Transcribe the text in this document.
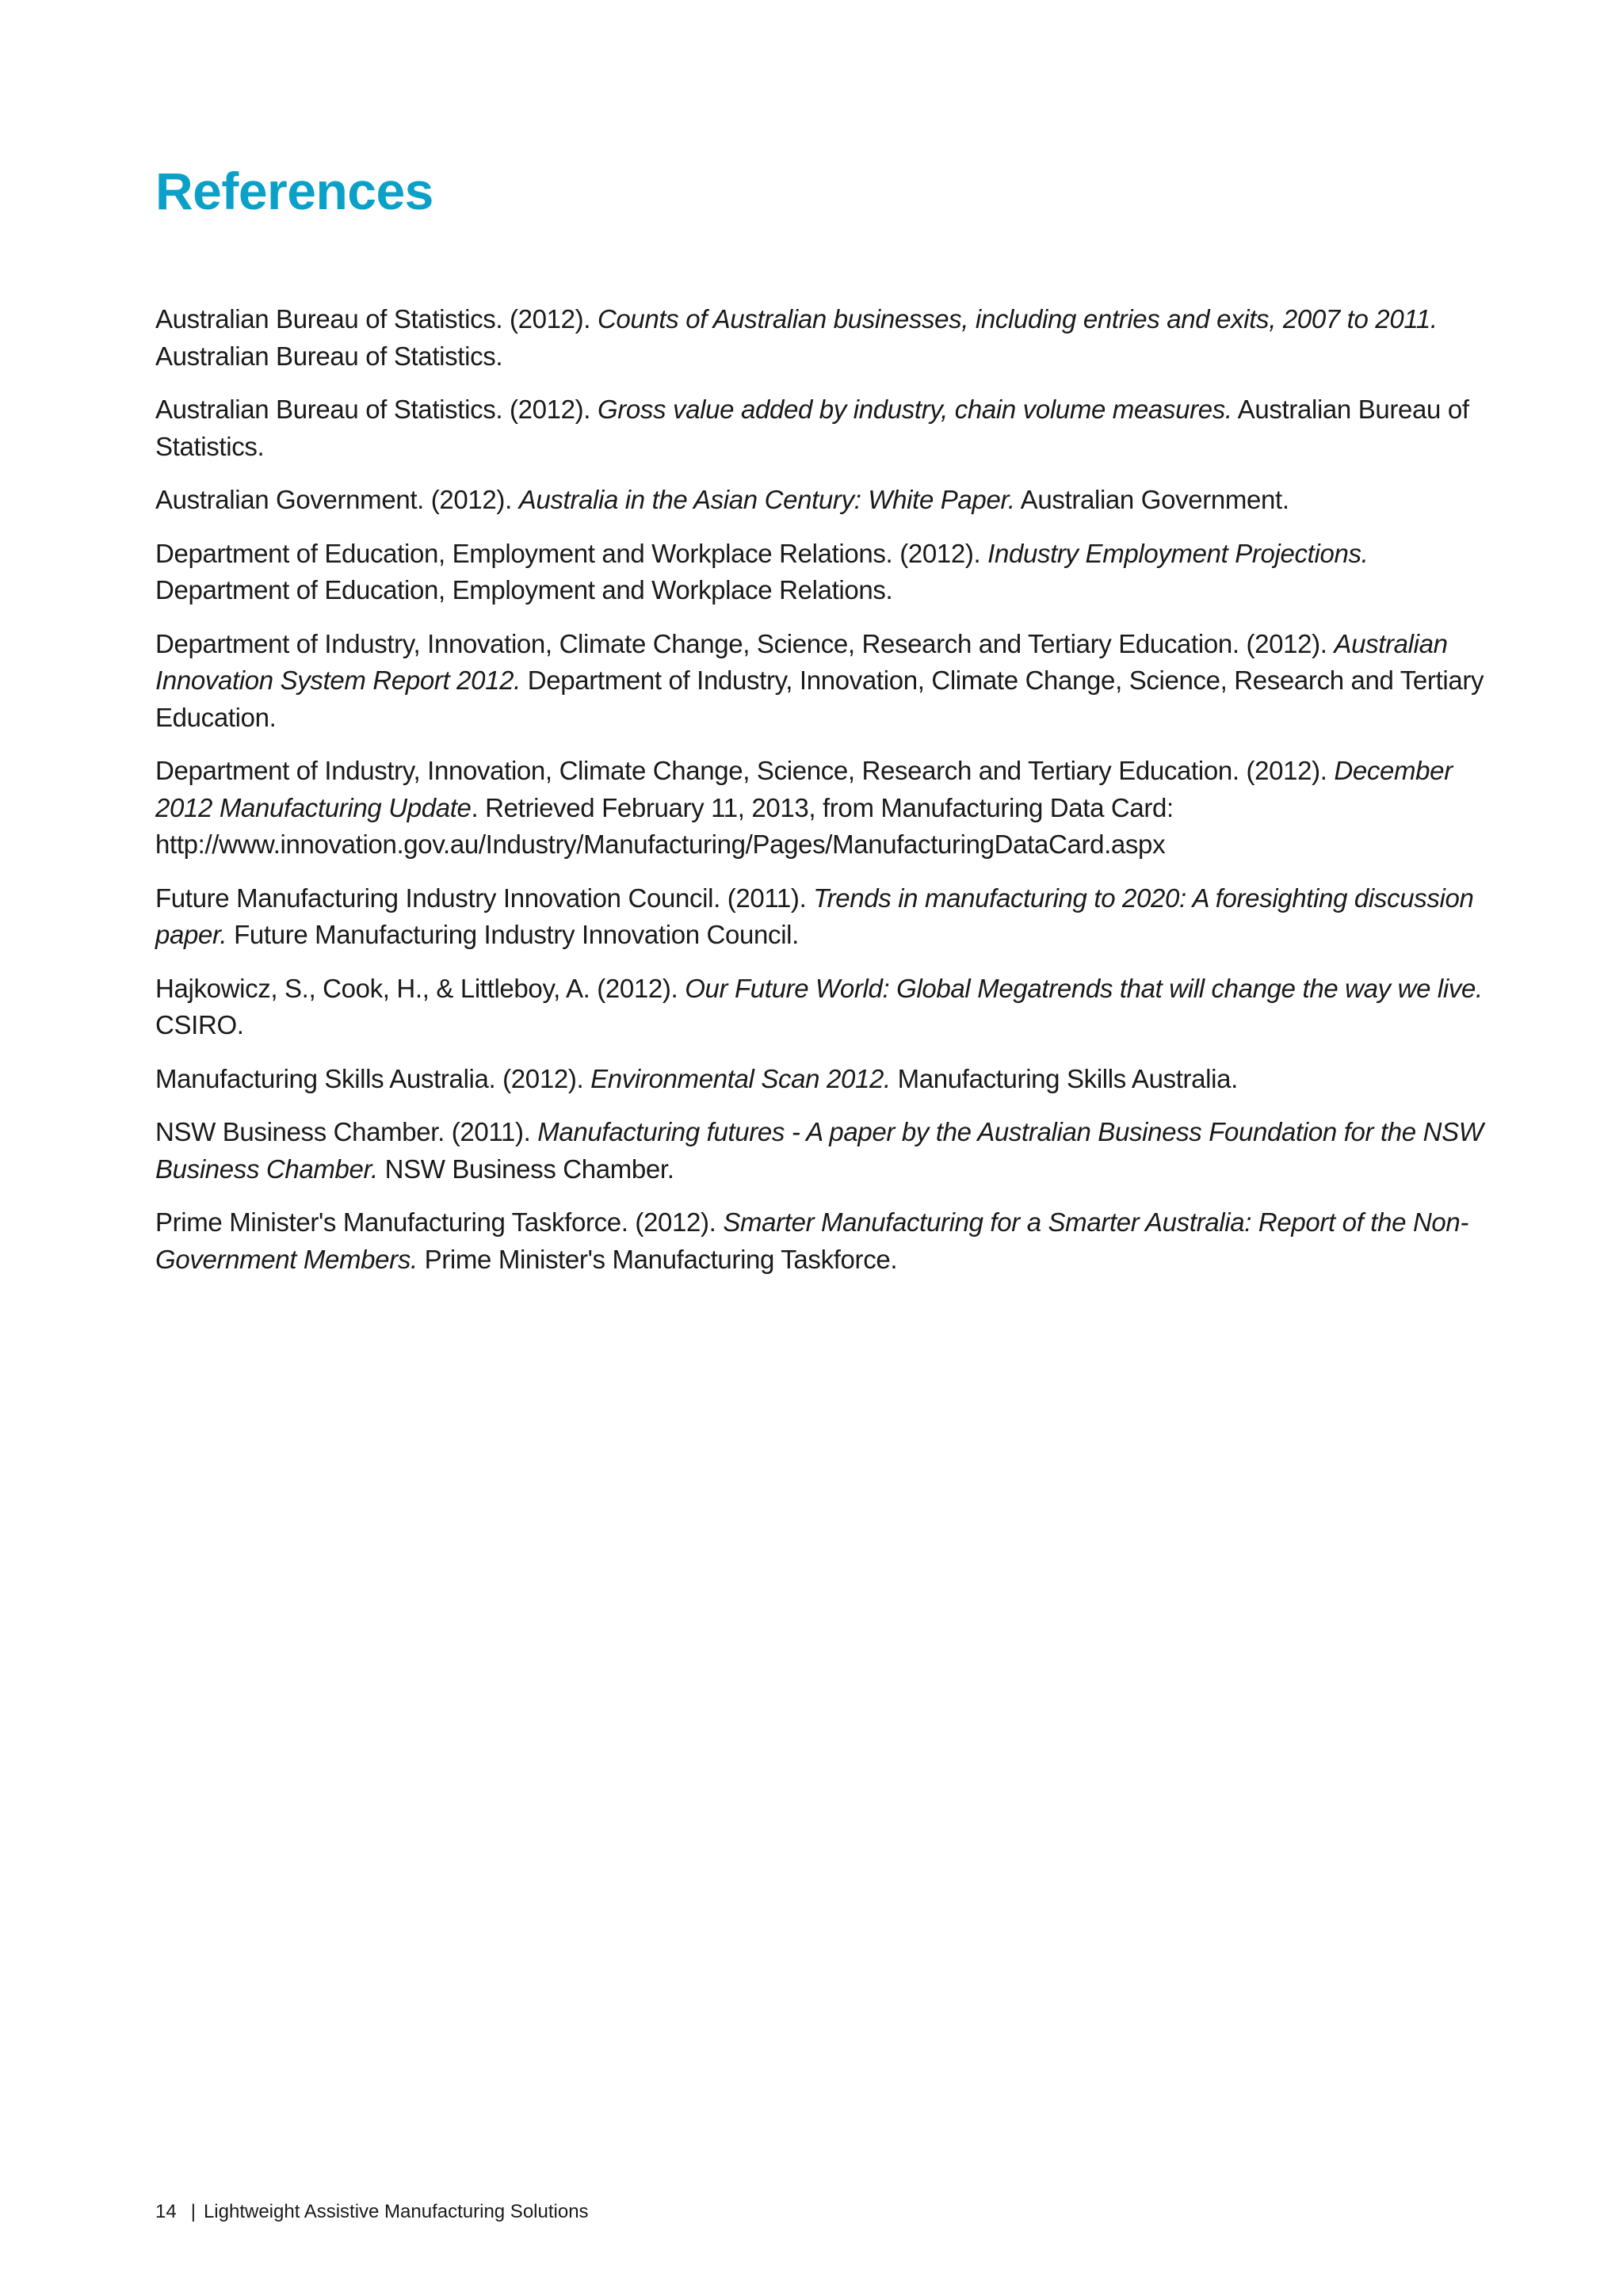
References
Australian Bureau of Statistics. (2012). Counts of Australian businesses, including entries and exits, 2007 to 2011. Australian Bureau of Statistics.
Australian Bureau of Statistics. (2012). Gross value added by industry, chain volume measures. Australian Bureau of Statistics.
Australian Government. (2012). Australia in the Asian Century: White Paper. Australian Government.
Department of Education, Employment and Workplace Relations. (2012). Industry Employment Projections. Department of Education, Employment and Workplace Relations.
Department of Industry, Innovation, Climate Change, Science, Research and Tertiary Education. (2012). Australian Innovation System Report 2012. Department of Industry, Innovation, Climate Change, Science, Research and Tertiary Education.
Department of Industry, Innovation, Climate Change, Science, Research and Tertiary Education. (2012). December 2012 Manufacturing Update. Retrieved February 11, 2013, from Manufacturing Data Card: http://www.innovation.gov.au/Industry/Manufacturing/Pages/ManufacturingDataCard.aspx
Future Manufacturing Industry Innovation Council. (2011). Trends in manufacturing to 2020: A foresighting discussion paper. Future Manufacturing Industry Innovation Council.
Hajkowicz, S., Cook, H., & Littleboy, A. (2012). Our Future World: Global Megatrends that will change the way we live. CSIRO.
Manufacturing Skills Australia. (2012). Environmental Scan 2012. Manufacturing Skills Australia.
NSW Business Chamber. (2011). Manufacturing futures - A paper by the Australian Business Foundation for the NSW Business Chamber. NSW Business Chamber.
Prime Minister's Manufacturing Taskforce. (2012). Smarter Manufacturing for a Smarter Australia: Report of the Non-Government Members. Prime Minister's Manufacturing Taskforce.
14 | Lightweight Assistive Manufacturing Solutions
